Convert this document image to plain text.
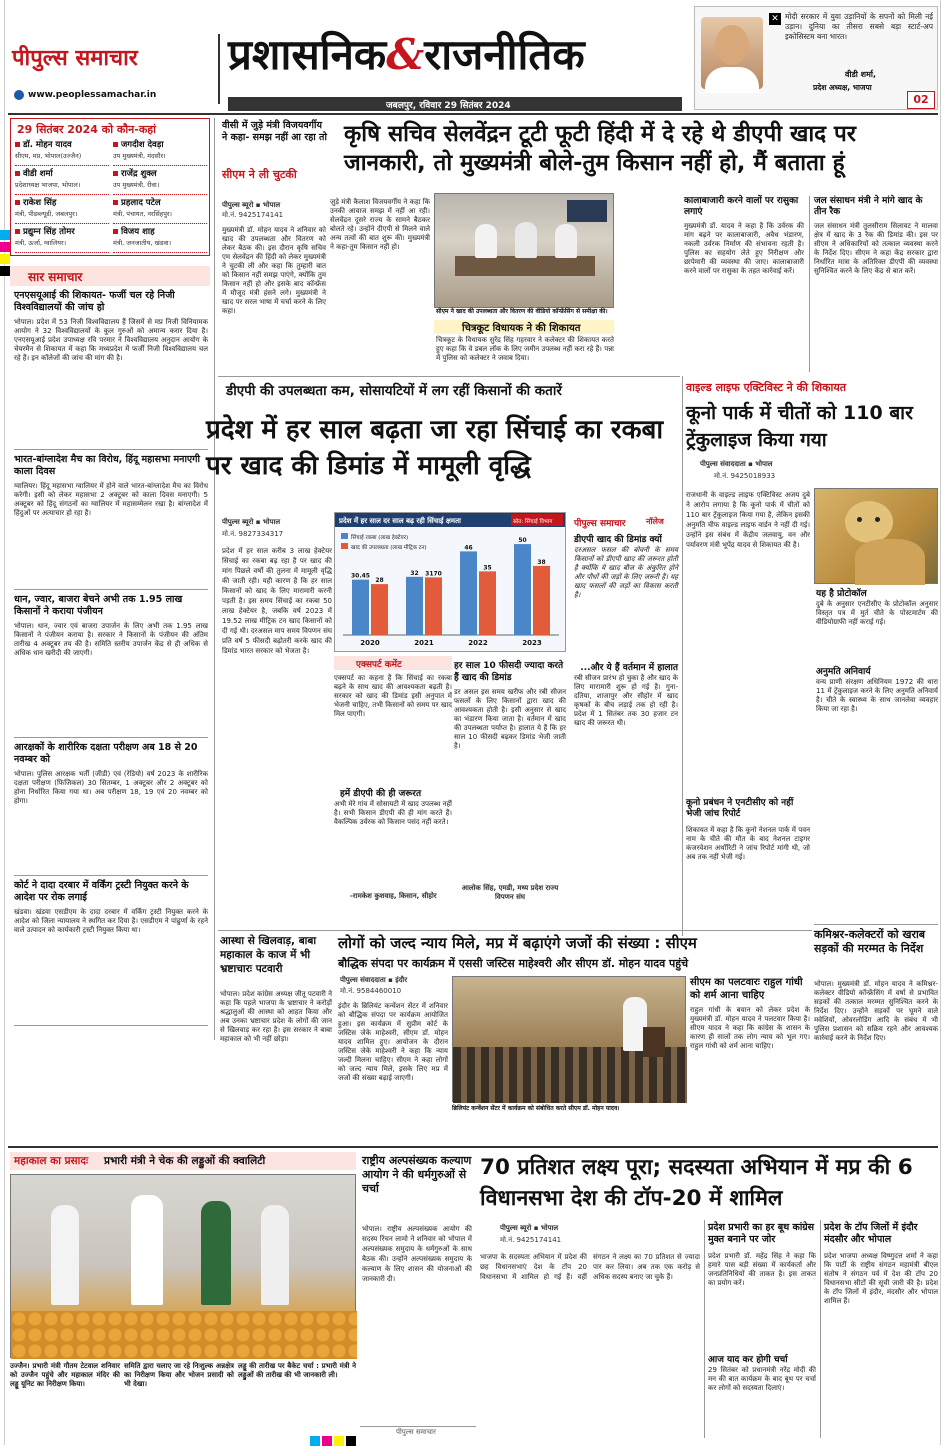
पीपुल्स समाचार
www.peoplessamachar.in
प्रशासनिक&राजनीतिक
जबलपुर, रविवार 29 सितंबर 2024
✕ मोदी सरकार में युवा उड़ानियों के सपनों को मिली नई उड़ान। दुनिया का तीसरा सबसे बड़ा स्टार्ट-अप इकोसिस्टम बना भारत।
वीडी शर्मा,
प्रदेश अध्यक्ष, भाजपा
02
29 सितंबर 2024 को कौन-कहां
डॉ. मोहन यादव
सीएम, मप्र, भोपाल(उज्जैन)
जगदीश देवड़ा
उप मुख्यमंत्री, मंदसौर।
वीडी शर्मा
प्रदेशाध्यक्ष भाजपा, भोपाल।
राजेंद्र शुक्ल
उप मुख्यमंत्री, रीवा।
राकेश सिंह
मंत्री, पीडब्ल्यूडी, जबलपुर।
प्रहलाद पटेल
मंत्री, पंचायत, नरसिंहपुर।
प्रद्युम्न सिंह तोमर
मंत्री, ऊर्जा, ग्वालियर।
विजय शाह
मंत्री, जनजातीय, खंडवा।
सार समाचार
एनएसयूआई की शिकायत- फर्जी चल रहे निजी विश्वविद्यालयों की जांच हो
भोपाल। प्रदेश में 53 निजी विश्वविद्यालय हैं जिसमें से मप्र निजी विनियामक आयोग ने 32 विश्वविद्यालयों के कुल गुरुओं को अमान्य करार दिया है। एनएसयूआई प्रदेश उपाध्यक्ष रवि परमार ने विश्वविद्यालय अनुदान आयोग के चेयरमैन से शिकायत में कहा कि मध्यप्रदेश में फर्जी निजी विश्वविद्यालय चल रहे हैं। इन कॉलेजों की जांच की मांग की है।
भारत-बांग्लादेश मैच का विरोध, हिंदू महासभा मनाएगी काला दिवस
ग्वालियर। हिंदू महासभा ग्वालियर में होने वाले भारत-बांग्लादेश मैच का विरोध करेगी। इसी को लेकर महासभा 2 अक्टूबर को काला दिवस मनाएगी। 5 अक्टूबर को हिंदू संगठनों का ग्वालियर में महासम्मेलन रखा है। बांग्लादेश में हिंदुओं पर अत्याचार हो रहा है।
धान, ज्वार, बाजरा बेचने अभी तक 1.95 लाख किसानों ने कराया पंजीयन
भोपाल। धान, ज्वार एवं बाजरा उपार्जन के लिए अभी तक 1.95 लाख किसानों ने पंजीयन कराया है। सरकार ने किसानों के पंजीयन की अंतिम तारीख 4 अक्टूबर तय की है। समिति स्तरीय उपार्जन केंद्र से ही अधिक से अधिक धान खरीदी की जाएगी।
आरक्षकों के शारीरिक दक्षता परीक्षण अब 18 से 20 नवम्बर को
भोपाल। पुलिस आरक्षक भर्ती (जीडी) एवं (रेडियो) वर्ष 2023 के शारीरिक दक्षता परीक्षण (फिजिकल) 30 सितम्बर, 1 अक्टूबर और 2 अक्टूबर को होना निर्धारित किया गया था। अब परीक्षण 18, 19 एवं 20 नवम्बर को होगा।
कोर्ट ने दादा दरबार में वर्किंग ट्रस्टी नियुक्त करने के आदेश पर रोक लगाई
खंडवा। खंडवा एसडीएम के दादा दरबार में वर्किंग ट्रस्टी नियुक्त करने के आदेश को जिला न्यायालय ने स्थगित कर दिया है। एसडीएम ने पांढुर्णा के रहने वाले उत्पादन को कार्यकारी ट्रस्टी नियुक्त किया था।
वीसी में जुड़े मंत्री विजयवर्गीय ने कहा- समझ नहीं आ रहा तो
सीएम ने ली चुटकी
पीपुल्स ब्यूरो ▪ भोपाल
मो.नं. 9425174141
मुख्यमंत्री डॉ. मोहन यादव ने शनिवार को खाद की उपलब्धता और वितरण को लेकर बैठक की। इस दौरान कृषि सचिव एम सेलवेंद्रन की हिंदी को लेकर मुख्यमंत्री ने चुटकी ली और कहा कि तुम्हारी बात को किसान नहीं समझ पाएंगे, क्योंकि तुम किसान नहीं हो और इसके बाद कॉन्फ्रेंस में मौजूद मंत्री हंसने लगे। मुख्यमंत्री ने खाद पर सरल भाषा में चर्चा करने के लिए कहा।
जुड़े मंत्री कैलाश विजयवर्गीय ने कहा कि उनकी आवाज समझ में नहीं आ रही। सेलवेंद्रन दूसरे राज्य के सामने बैठकर बोलते रहे। उन्होंने दीएपी से मिलने वाले अन्य तत्वों की बात शुरू की। मुख्यमंत्री ने कहा-तुम किसान नहीं हो।
कृषि सचिव सेलवेंद्रन टूटी फूटी हिंदी में दे रहे थे डीएपी खाद पर जानकारी, तो मुख्यमंत्री बोले-तुम किसान नहीं हो, मैं बताता हूं
सीएम ने खाद की उपलब्धता और वितरण की वीडियो कॉन्फ्रेंसिंग से समीक्षा की।
चित्रकूट विधायक ने की शिकायत
चित्रकूट के विधायक सुरेंद्र सिंह गहरवार ने कलेक्टर की शिकायत करते हुए कहा कि वे डबल लॉक के लिए जमीन उपलब्ध नहीं करा रहे हैं। पन्ना में पुलिस को कलेक्टर ने जवाब दिया।
कालाबाजारी करने वालों पर रासुका लगाएं
मुख्यमंत्री डॉ. यादव ने कहा है कि उर्वरक की मांग बढ़ने पर कालाबाजारी, अवैध भंडारण, नकली उर्वरक निर्माण की संभावना रहती है। पुलिस का सहयोग लेते हुए निरीक्षण और छापेमारी की व्यवस्था की जाए। कालाबाजारी करने वालों पर रासुका के तहत कार्रवाई करें।
जल संसाधन मंत्री ने मांगे खाद के तीन रैक
जल संसाधन मंत्री तुलसीराम सिलावट ने मालवा क्षेत्र में खाद के 3 रैक की डिमांड की। इस पर सीएम ने अधिकारियों को तत्काल व्यवस्था करने के निर्देश दिए। सीएम ने कहा केंद्र सरकार द्वारा निर्धारित मात्रा के अतिरिक्त डीएपी की व्यवस्था सुनिश्चित करने के लिए केंद्र से बात करें।
डीएपी की उपलब्धता कम, सोसायटियों में लग रहीं किसानों की कतारें
प्रदेश में हर साल बढ़ता जा रहा सिंचाई का रकबा पर खाद की डिमांड में मामूली वृद्धि
पीपुल्स ब्यूरो ▪ भोपाल
मो.नं. 9827334317
प्रदेश में हर साल करीब 3 लाख हेक्टेयर सिंचाई का रकबा बढ़ रहा है पर खाद की मांग पिछले वर्षों की तुलना में मामूली वृद्धि की जाती रही। यही कारण है कि हर साल किसानों को खाद के लिए मारामारी करनी पड़ती है। इस समय सिंचाई का रकबा 50 लाख हेक्टेयर है, जबकि वर्ष 2023 में 19.52 लाख मीट्रिक टन खाद किसानों को दी गई थी। दरअसल माप समय विपणन संघ प्रति वर्ष 5 फीसदी बढ़ोतरी करके खाद की डिमांड भारत सरकार को भेजता है।
प्रदेश में हर साल दर साल बढ़ रही सिंचाई क्षमता	स्रोत: सिंचाई विभाग
सिंचाई रकबा (लाख हेक्टेयर)
खाद की उपलब्धता (लाख मीट्रिक टन)
30.45
28
2020
32 3170
2021
46
35
2022
50
38
2023
एक्सपर्ट कमेंट
एक्सपर्ट का कहना है कि सिंचाई का रकबा बढ़ने के साथ खाद की आवश्यकता बढ़ती है। सरकार को खाद की डिमांड इसी अनुपात में भेजनी चाहिए, तभी किसानों को समय पर खाद मिल पाएगी।
हमें डीएपी की ही जरूरत
अभी मेरे गांव में सोसायटी में खाद उपलब्ध नहीं है। सभी किसान डीएपी की ही मांग करते हैं। वैकल्पिक उर्वरक को किसान पसंद नहीं करते।
-रामकेश कुशवाह, किसान, सीहोर
हर साल 10 फीसदी ज्यादा करते हैं खाद की डिमांड
डर असल इस समय खरीफ और रबी सीजन फसलों के लिए किसानों द्वारा खाद की आवश्यकता होती है। इसी अनुसार से खाद का भंडारण किया जाता है। वर्तमान में खाद की उपलब्धता पर्याप्त है। हालात ये हैं कि हर साल 10 फीसदी बढ़कर डिमांड भेजी जाती है।
आलोक सिंह, एमडी, मध्य प्रदेश राज्य विपणन संघ
पीपुल्स समाचार	नॉलेज
डीएपी खाद की डिमांड क्यों
दरअसल फसल की बोवनी के समय किसानों को डीएपी खाद की जरूरत होती है क्योंकि ये खाद बीज के अंकुरित होने और पौधों की जड़ों के लिए जरूरी है। यह खाद फसलों की जड़ों का विकास करती है।
...और ये हैं वर्तमान में हालात
रबी सीजन प्रारंभ हो चुका है और खाद के लिए मारामारी शुरू हो गई है। गुना-दतिया, शाजापुर और सीहोर में खाद कृषकों के बीच लड़ाई तक हो रही है। प्रदेश में 1 सितंबर तक 30 हजार टन खाद की जरूरत थी।
वाइल्ड लाइफ एक्टिविस्ट ने की शिकायत
कूनो पार्क में चीतों को 110 बार ट्रेंकुलाइज किया गया
पीपुल्स संवाददाता ▪ भोपाल
मो.नं. 9425018933
राजधानी के वाइल्ड लाइफ एक्टिविस्ट अजय दुबे ने आरोप लगाया है कि कूनो पार्क में चीतों को 110 बार ट्रेंकुलाइज किया गया है, लेकिन इसकी अनुमति चीफ वाइल्ड लाइफ वार्डन ने नहीं दी गई। उन्होंने इस संबंध में केंद्रीय जलवायु, वन और पर्यावरण मंत्री भूपेंद्र यादव से शिकायत की है।
यह है प्रोटोकॉल
दुबे के अनुसार एनटीसीए के प्रोटोकॉल अनुसार विस्तृत पत्र में मुर्त चीते के पोस्टमार्टम की वीडियोग्राफी नहीं कराई गई।
अनुमति अनिवार्य
वन्य प्राणी संरक्षण अधिनियम 1972 की धारा 11 में ट्रेंकुलाइज करने के लिए अनुमति अनिवार्य है। चीते के स्वास्थ्य के साथ जानलेवा व्यवहार किया जा रहा है।
कूनो प्रबंधन ने एनटीसीए को नहीं भेजी जांच रिपोर्ट
शिकायत में कहा है कि कूनो नेशनल पार्क में पवन नाम के चीते की मौत के बाद नेशनल टाइगर कंजरवेशन अथॉरिटी ने जांच रिपोर्ट मांगी थी, जो अब तक नहीं भेजी गई।
कमिश्नर-कलेक्टरों को खराब सड़कों की मरम्मत के निर्देश
भोपाल। मुख्यमंत्री डॉ. मोहन यादव ने कमिश्नर-कलेक्टर वीडियो कॉन्फ्रेंसिंग में वर्षा से प्रभावित सड़कों की तत्काल मरम्मत सुनिश्चित करने के निर्देश दिए। उन्होंने सड़कों पर घूमने वाले मवेशियों, ओवरलोडिंग आदि के संबंध में भी पुलिस प्रशासन को सक्रिय रहने और आवश्यक कार्रवाई करने के निर्देश दिए।
आस्था से खिलवाड़, बाबा महाकाल के काज में भी भ्रष्टाचारः पटवारी
भोपाल। प्रदेश कांग्रेस अध्यक्ष जीतू पटवारी ने कहा कि पहले भाजपा के भ्रष्टाचार ने करोड़ों श्रद्धालुओं की आस्था को आहत किया और अब उनका भ्रष्टाचार प्रदेश के लोगों की जान से खिलवाड़ कर रहा है। इस सरकार ने बाबा महाकाल को भी नहीं छोड़ा।
लोगों को जल्द न्याय मिले, मप्र में बढ़ाएंगे जजों की संख्या : सीएम
बौद्धिक संपदा पर कार्यक्रम में एससी जस्टिस माहेश्वरी और सीएम डॉ. मोहन यादव पहुंचे
पीपुल्स संवाददाता ▪ इंदौर
मो.नं. 9584460010
इंदौर के ब्रिलियंट कन्वेंशन सेंटर में शनिवार को बौद्धिक संपदा पर कार्यक्रम आयोजित हुआ। इस कार्यक्रम में सुप्रीम कोर्ट के जस्टिस जेके माहेश्वरी, सीएम डॉ. मोहन यादव शामिल हुए। आयोजन के दौरान जस्टिस जेके माहेश्वरी ने कहा कि न्याय जल्दी मिलना चाहिए। सीएम ने कहा लोगों को जल्द न्याय मिले, इसके लिए मप्र में जजों की संख्या बढ़ाई जाएगी।
ब्रिलियंट कन्वेंशन सेंटर में कार्यक्रम को संबोधित करते सीएम डॉ. मोहन यादव।
सीएम का पलटवारः राहुल गांधी को शर्म आना चाहिए
राहुल गांधी के बयान को लेकर प्रदेश के मुख्यमंत्री डॉ. मोहन यादव ने पलटवार किया है। सीएम यादव ने कहा कि कांग्रेस के शासन के कारण ही सालों तक लोग न्याय को भूल गए। राहुल गांधी को शर्म आना चाहिए।
महाकाल का प्रसादः प्रभारी मंत्री ने चेक की लड्डुओं की क्वालिटी
उज्जैन। प्रभारी मंत्री गौतम टेटवाल शनिवार को उज्जैन पहुंचे और महाकाल मंदिर की लड्डू यूनिट का निरीक्षण किया।
समिति द्वारा चलाए जा रहे निःशुल्क अन्नक्षेत्र का निरीक्षण किया और भोजन प्रसादी को भी देखा।
लड्डू की तारीख पर बैकेट चर्चा : प्रभारी मंत्री ने लड्डुओं की तारीख की भी जानकारी ली।
राष्ट्रीय अल्पसंख्यक कल्याण आयोग ने की धर्मगुरुओं से चर्चा
भोपाल। राष्ट्रीय अल्पसंख्यक आयोग की सदस्य रिंचन लामो ने शनिवार को भोपाल में अल्पसंख्यक समुदाय के धर्मगुरुओं के साथ बैठक की। उन्होंने अल्पसंख्यक समुदाय के कल्याण के लिए शासन की योजनाओं की जानकारी दी।
पीपुल्स समाचार
70 प्रतिशत लक्ष्य पूरा; सदस्यता अभियान में मप्र की 6 विधानसभा देश की टॉप-20 में शामिल
पीपुल्स ब्यूरो ▪ भोपाल
मो.नं. 9425174141
भाजपा के सदस्यता अभियान में प्रदेश की छह विधानसभाएं देश के टॉप 20 विधानसभा में शामिल हो गई हैं। वहीं संगठन ने लक्ष्य का 70 प्रतिशत से ज्यादा पार कर लिया। अब तक एक करोड़ से अधिक सदस्य बनाए जा चुके हैं।
प्रदेश प्रभारी का हर बूथ कांग्रेस मुक्त बनाने पर जोर
प्रदेश प्रभारी डॉ. महेंद्र सिंह ने कहा कि हमारे पास बड़ी संख्या में कार्यकर्ता और जनप्रतिनिधियों की ताकत है। इस ताकत का प्रयोग करें।
आज याद कर होगी चर्चा
29 सितंबर को प्रधानमंत्री नरेंद्र मोदी की मन की बात कार्यक्रम के बाद बूथ पर चर्चा कर लोगों को सदस्यता दिलाएं।
प्रदेश के टॉप जिलों में इंदौर मंदसौर और भोपाल
प्रदेश भाजपा अध्यक्ष विष्णुदत्त शर्मा ने कहा कि पार्टी के राष्ट्रीय संगठन महामंत्री बीएल संतोष ने संगठन पर्व में देश की टॉप 20 विधानसभा सीटों की सूची जारी की है। प्रदेश के टॉप जिलों में इंदौर, मंदसौर और भोपाल शामिल हैं।
